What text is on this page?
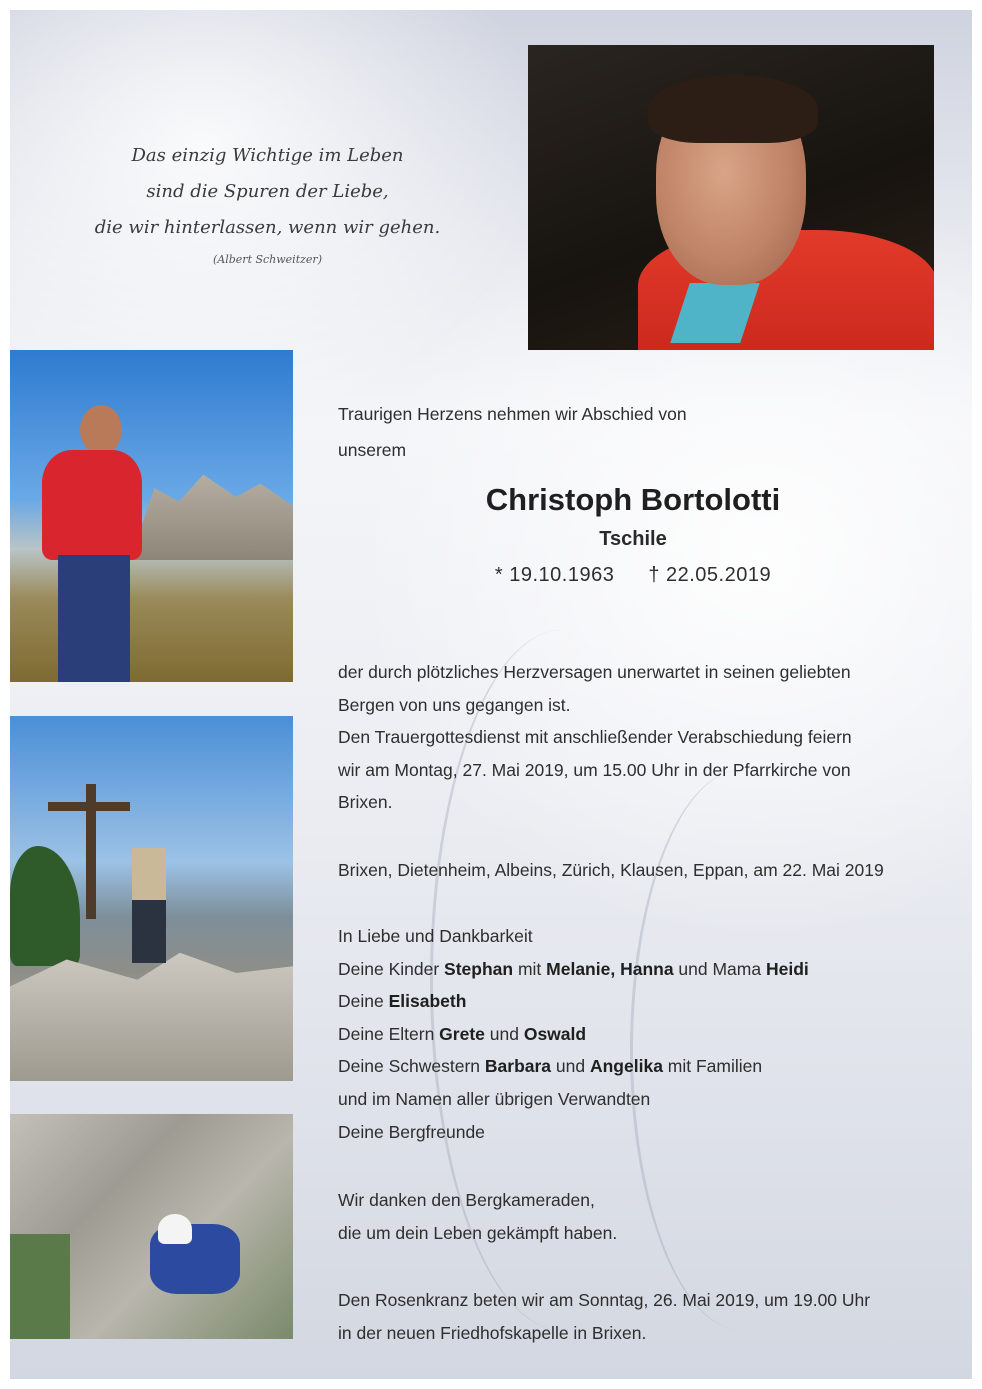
Das einzig Wichtige im Leben
sind die Spuren der Liebe,
die wir hinterlassen, wenn wir gehen.
(Albert Schweitzer)
Traurigen Herzens nehmen wir Abschied von
unserem
Christoph Bortolotti
Tschile
* 19.10.1963 † 22.05.2019
der durch plötzliches Herzversagen unerwartet in seinen geliebten
Bergen von uns gegangen ist.
Den Trauergottesdienst mit anschließender Verabschiedung feiern
wir am Montag, 27. Mai 2019, um 15.00 Uhr in der Pfarrkirche von
Brixen.
Brixen, Dietenheim, Albeins, Zürich, Klausen, Eppan, am 22. Mai 2019
In Liebe und Dankbarkeit
Deine Kinder Stephan mit Melanie, Hanna und Mama Heidi
Deine Elisabeth
Deine Eltern Grete und Oswald
Deine Schwestern Barbara und Angelika mit Familien
und im Namen aller übrigen Verwandten
Deine Bergfreunde
Wir danken den Bergkameraden,
die um dein Leben gekämpft haben.
Den Rosenkranz beten wir am Sonntag, 26. Mai 2019, um 19.00 Uhr
in der neuen Friedhofskapelle in Brixen.
